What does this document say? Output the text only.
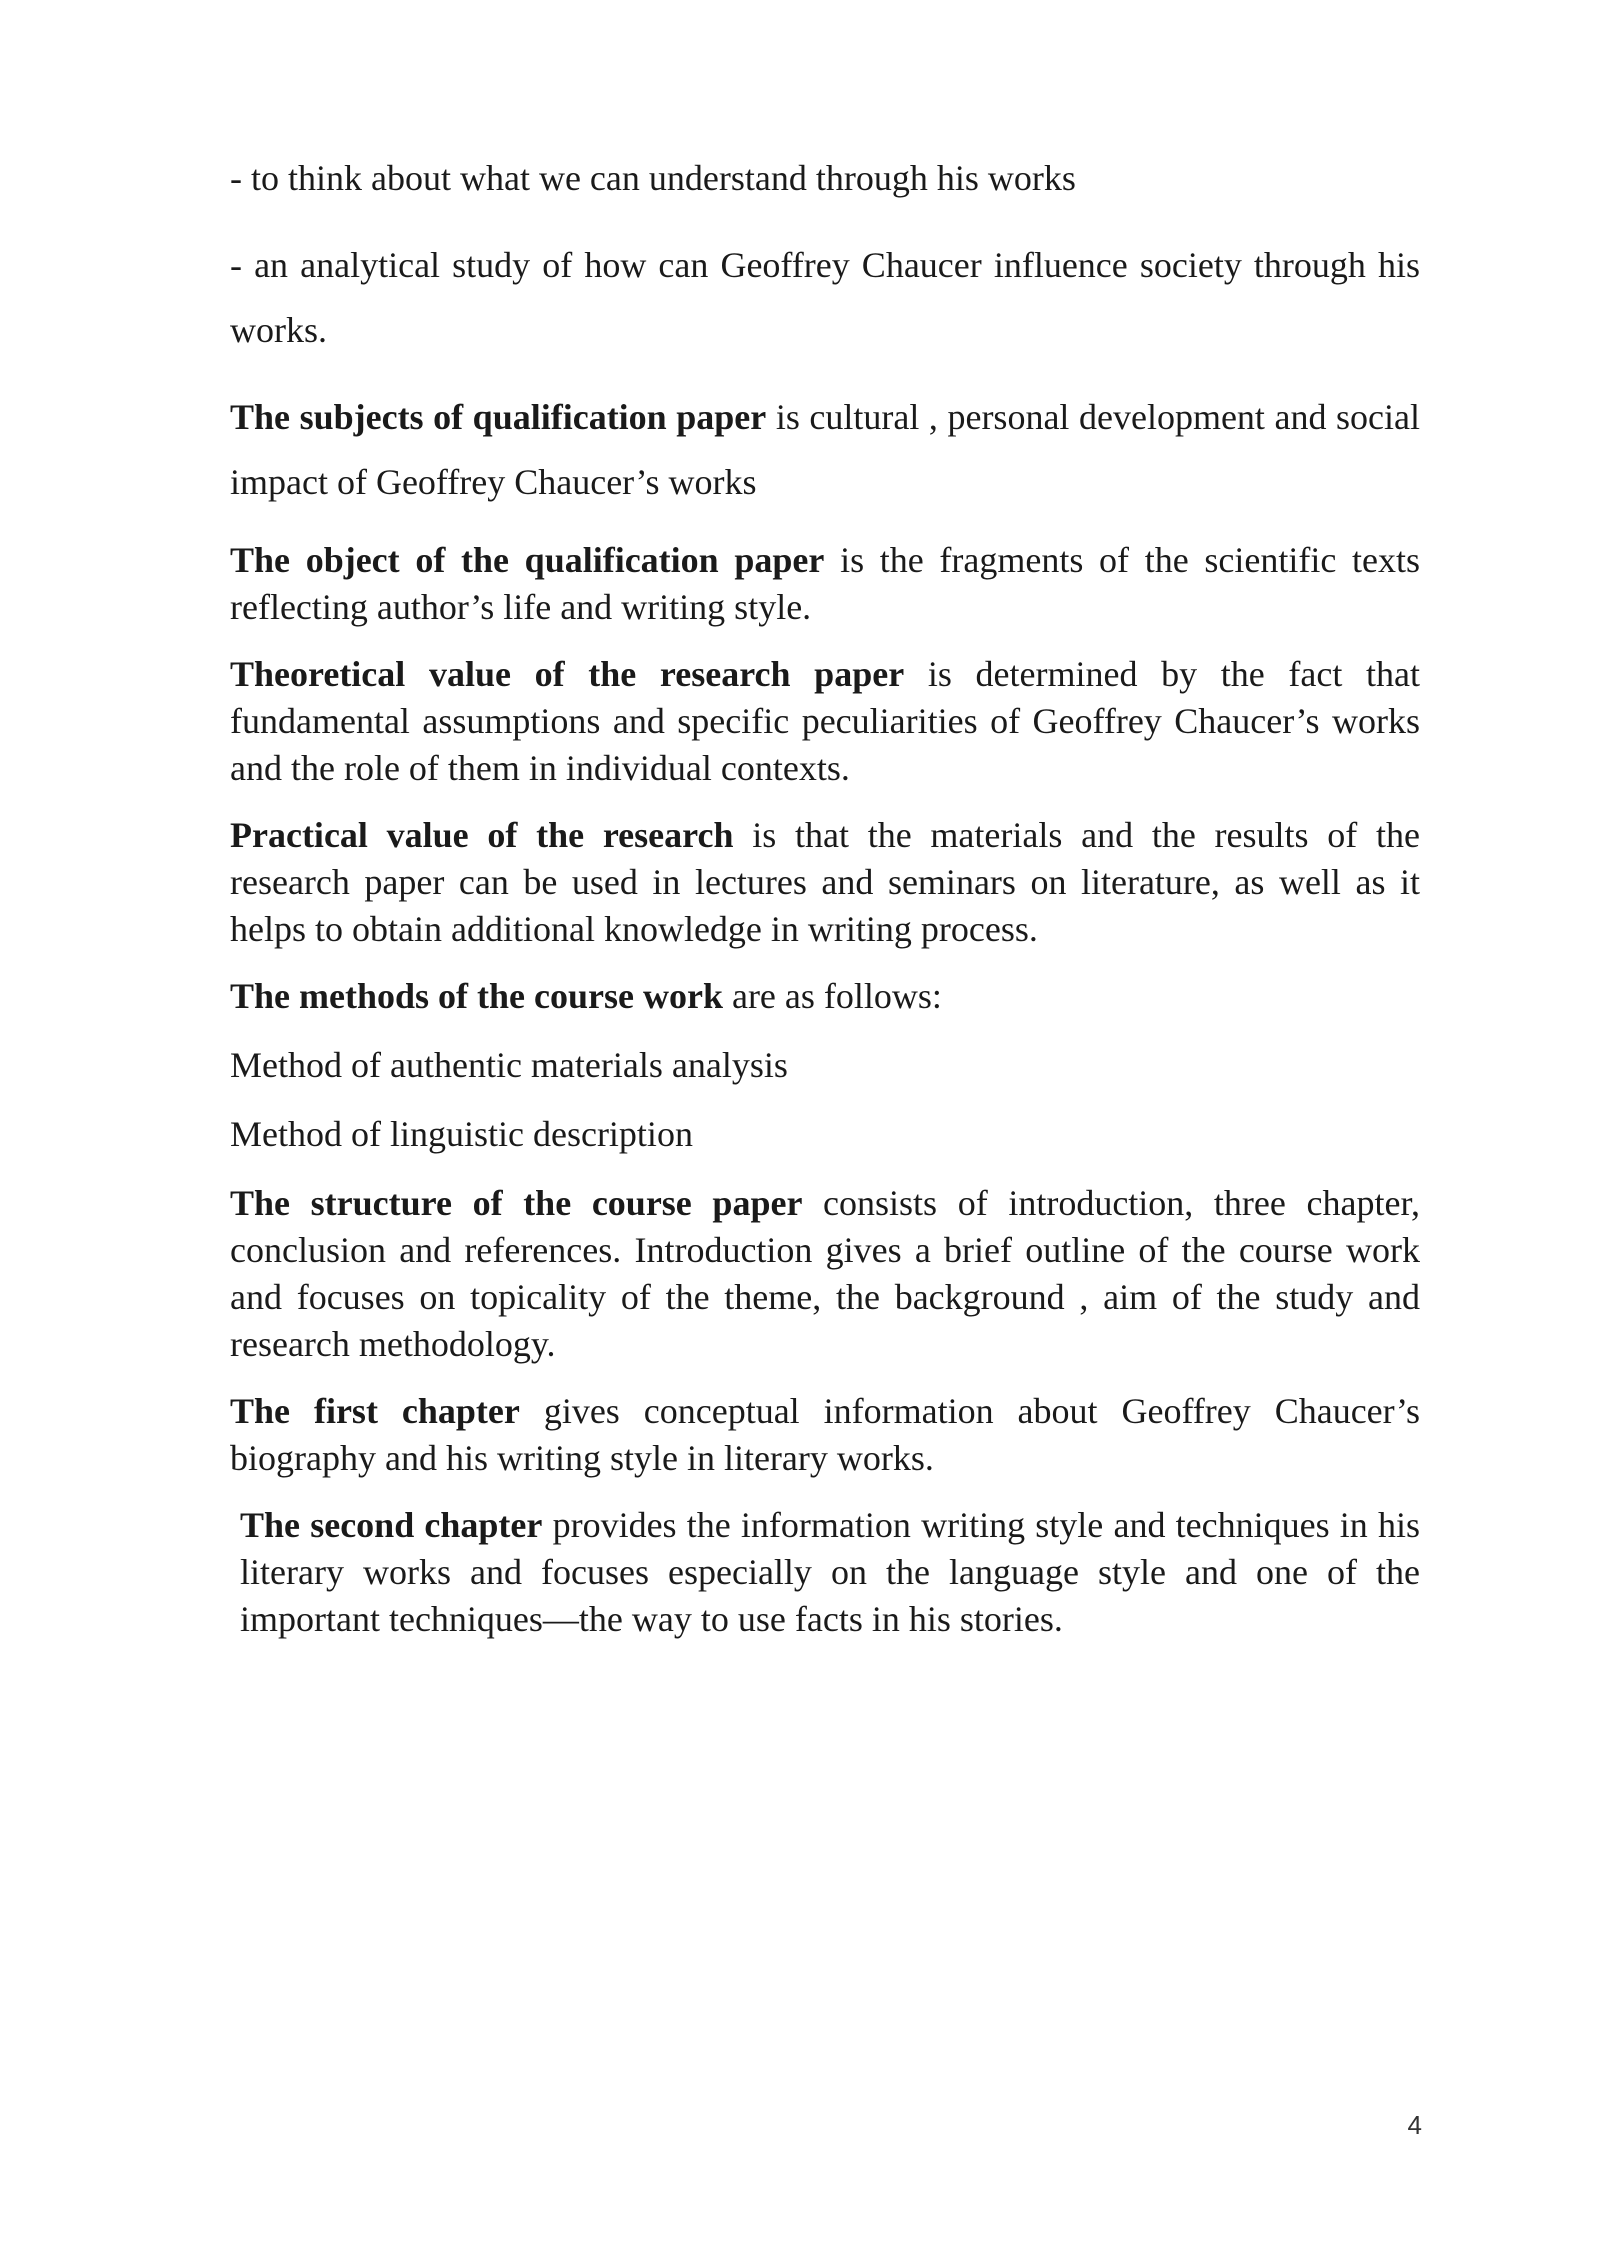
- to think about what we can understand through his works

- an analytical study of how can Geoffrey Chaucer influence society through his works.

The subjects of qualification paper is cultural , personal development and social impact of Geoffrey Chaucer’s works

The object of the qualification paper is the fragments of the scientific texts reflecting author’s life and writing style.

Theoretical value of the research paper is determined by the fact that fundamental assumptions and specific peculiarities of Geoffrey Chaucer’s works and the role of them in individual contexts.

Practical value of the research is that the materials and the results of the research paper can be used in lectures and seminars on literature, as well as it helps to obtain additional knowledge in writing process.

The methods of the course work are as follows:

Method of authentic materials analysis

Method of linguistic description

The structure of the course paper consists of introduction, three chapter, conclusion and references. Introduction gives a brief outline of the course work and focuses on topicality of the theme, the background , aim of the study and research methodology.

The first chapter gives conceptual information about Geoffrey Chaucer’s biography and his writing style in literary works.

The second chapter provides the information writing style and techniques in his literary works and focuses especially on the language style and one of the important techniques—the way to use facts in his stories.

4
